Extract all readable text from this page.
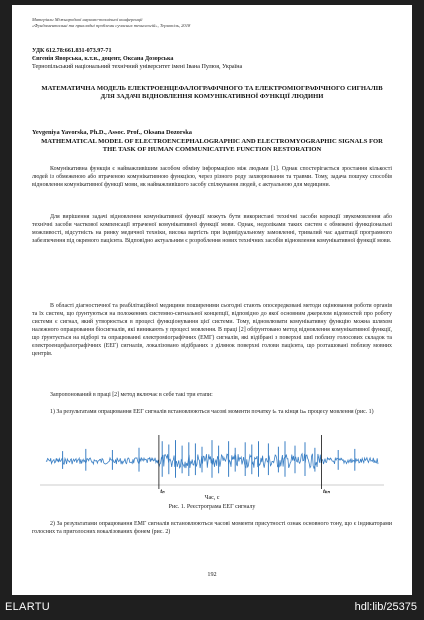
Матеріали Міжнародної науково-технічної конференції
«Фундаментальні та прикладні проблеми сучасних технологій», Тернопіль, 2018
УДК 612.78:661.831-073.97-71
Євгенія Яворська, к.т.н., доцент, Оксана Дозорська
Тернопільський національний технічний університет імені Івана Пулюя, Україна
МАТЕМАТИЧНА МОДЕЛЬ ЕЛЕКТРОЕНЦЕФАЛОГРАФІЧНОГО ТА ЕЛЕКТРОМІОГРАФІЧНОГО СИГНАЛІВ ДЛЯ ЗАДАЧІ ВІДНОВЛЕННЯ КОМУНІКАТИВНОЇ ФУНКЦІЇ ЛЮДИНИ
Yevgeniya Yavorska, Ph.D., Assoc. Prof., Oksana Dozorska
MATHEMATICAL MODEL OF ELECTROENCEPHALOGRAPHIC AND ELECTROMYOGRAPHIC SIGNALS FOR THE TASK OF HUMAN COMMUNICATIVE FUNCTION RESTORATION
Комунікативна функція є найважливішим засобом обміну інформацією між людьми [1]. Однак спостерігається зростання кількості людей із обмеженою або втраченою комунікативною функцією, через різного роду захворювання та травми. Тому, задача пошуку способів відновлення комунікативної функції мови, як найважливішого засобу спілкування людей, є актуальною для медицини.
Для вирішення задачі відновлення комунікативної функції можуть бути використані технічні засоби корекції звукомовлення або технічні засоби часткової компенсації втраченої комунікативної функції мови. Однак, недоліками таких систем є обмежені функціональні можливості, відсутність на ринку медичної техніки, висока вартість при індивідуальному замовленні, тривалий час адаптації програмного забезпечення під окремого пацієнта. Відповідно актуальним є розроблення нових технічних засобів відновлення комунікативної функції мови.
В області діагностичної та реабілітаційної медицини поширеними сьогодні стають опосередковані методи оцінювання роботи органів та їх систем, що ґрунтуються на положеннях системно-сигнальної концепції, відповідно до якої основним джерелом відомостей про роботу системи є сигнал, який утворюється в процесі функціонування цієї системи. Тому, відновлювати комунікативну функцію можна шляхом належного опрацювання біосигналів, які виникають у процесі мовлення. В праці [2] обґрунтовано метод відновлення комунікативної функції, що ґрунтується на відборі та опрацюванні електроміографічних (ЕМГ) сигналів, які відібрані з поверхні шиї поблизу голосових складок та електроенцефалографічних (ЕЕГ) сигналів, локалізовано відібраних з ділянок поверхні голови пацієнта, що розташовані поблизу мовних центрів.
Запропонований в праці [2] метод включає в себе такі три етапи:
1) За результатами опрацювання ЕЕГ сигналів встановлюються часові моменти початку tₙ та кінця tₖₙ процесу мовлення (рис. 1)
tₙ	tₖₙ
Час, с
Рис. 1. Реєстрограма ЕЕГ сигналу
2) За результатами опрацювання ЕМГ сигналів встановлюються часові моменти присутності ознак основного тону, що є індикаторами голосних та приголосних вокалізованих фонем (рис. 2)
192
ELARTU	hdl:lib/25375
